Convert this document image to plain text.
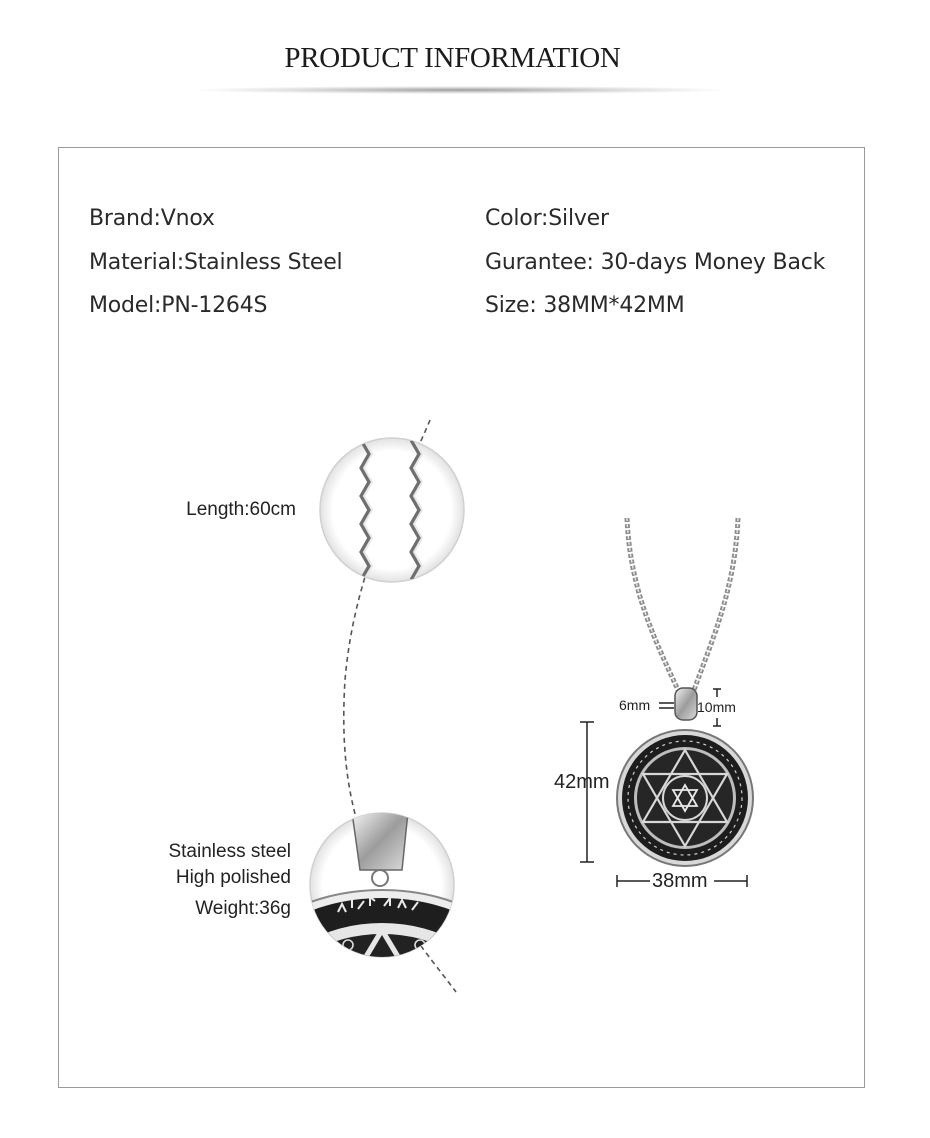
PRODUCT INFORMATION
Brand:Vnox
Material:Stainless Steel
Model:PN-1264S
Color:Silver
Gurantee: 30-days Money Back
Size: 38MM*42MM
Length:60cm
Stainless steel
High polished
Weight:36g
6mm	10mm
42mm
38mm
